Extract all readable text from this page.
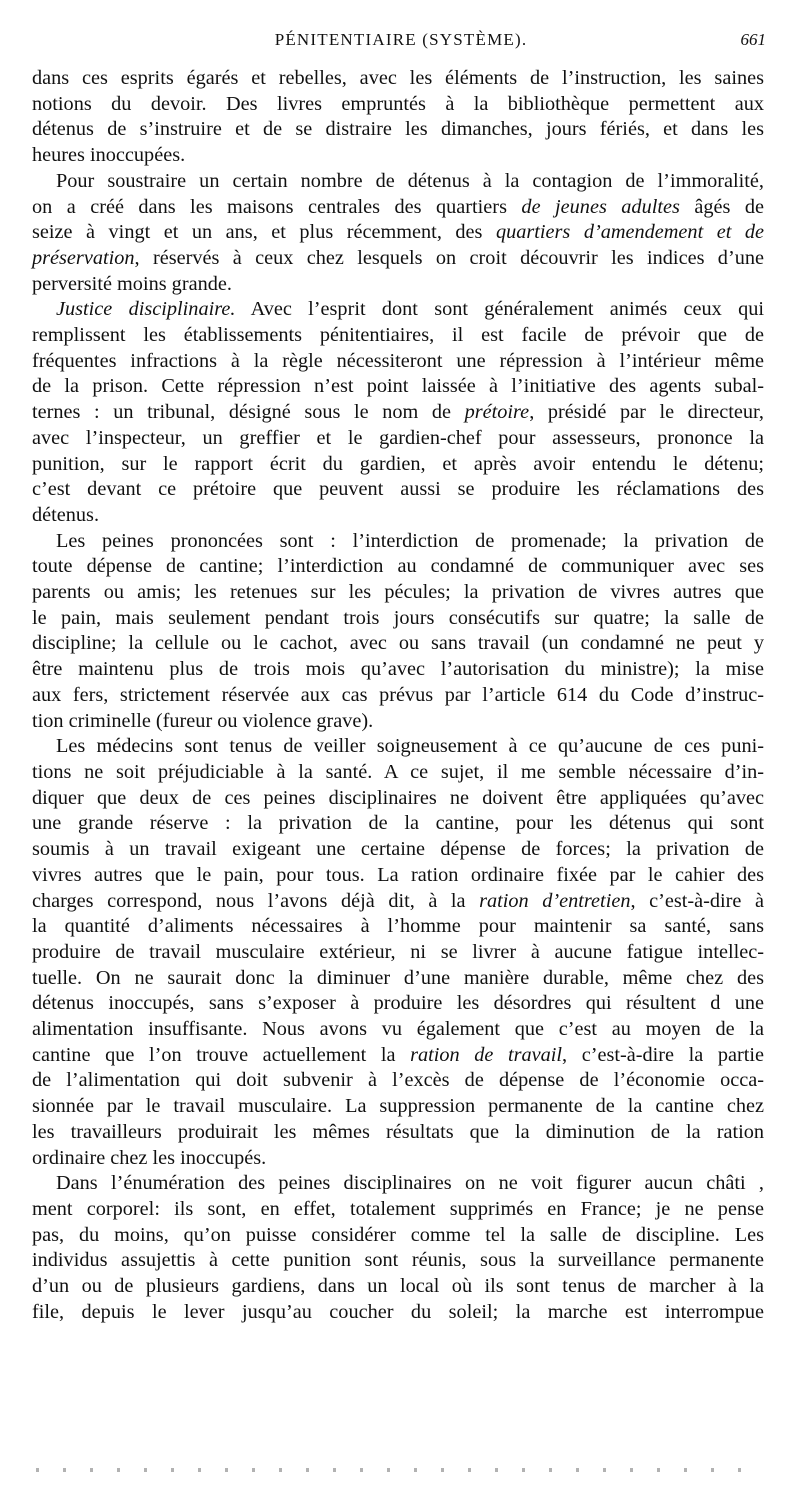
PÉNITENTIAIRE (SYSTÈME).	661

dans ces esprits égarés et rebelles, avec les éléments de l’instruction, les saines

notions du devoir. Des livres empruntés à la bibliothèque permettent aux

détenus de s’instruire et de se distraire les dimanches, jours fériés, et dans les

heures inoccupées.

Pour soustraire un certain nombre de détenus à la contagion de l’immoralité,

on a créé dans les maisons centrales des quartiers de jeunes adultes âgés de

seize à vingt et un ans, et plus récemment, des quartiers d’amendement et de

préservation, réservés à ceux chez lesquels on croit découvrir les indices d’une

perversité moins grande.

Justice disciplinaire. Avec l’esprit dont sont généralement animés ceux qui

remplissent les établissements pénitentiaires, il est facile de prévoir que de

fréquentes infractions à la règle nécessiteront une répression à l’intérieur même

de la prison. Cette répression n’est point laissée à l’initiative des agents subal-

ternes : un tribunal, désigné sous le nom de prétoire, présidé par le directeur,

avec l’inspecteur, un greffier et le gardien-chef pour assesseurs, prononce la

punition, sur le rapport écrit du gardien, et après avoir entendu le détenu;

c’est devant ce prétoire que peuvent aussi se produire les réclamations des

détenus.

Les peines prononcées sont : l’interdiction de promenade; la privation de

toute dépense de cantine; l’interdiction au condamné de communiquer avec ses

parents ou amis; les retenues sur les pécules; la privation de vivres autres que

le pain, mais seulement pendant trois jours consécutifs sur quatre; la salle de

discipline; la cellule ou le cachot, avec ou sans travail (un condamné ne peut y

être maintenu plus de trois mois qu’avec l’autorisation du ministre); la mise

aux fers, strictement réservée aux cas prévus par l’article 614 du Code d’instruc-

tion criminelle (fureur ou violence grave).

Les médecins sont tenus de veiller soigneusement à ce qu’aucune de ces puni-

tions ne soit préjudiciable à la santé. A ce sujet, il me semble nécessaire d’in-

diquer que deux de ces peines disciplinaires ne doivent être appliquées qu’avec

une grande réserve : la privation de la cantine, pour les détenus qui sont

soumis à un travail exigeant une certaine dépense de forces; la privation de

vivres autres que le pain, pour tous. La ration ordinaire fixée par le cahier des

charges correspond, nous l’avons déjà dit, à la ration d’entretien, c’est-à-dire à

la quantité d’aliments nécessaires à l’homme pour maintenir sa santé, sans

produire de travail musculaire extérieur, ni se livrer à aucune fatigue intellec-

tuelle. On ne saurait donc la diminuer d’une manière durable, même chez des

détenus inoccupés, sans s’exposer à produire les désordres qui résultent d une

alimentation insuffisante. Nous avons vu également que c’est au moyen de la

cantine que l’on trouve actuellement la ration de travail, c’est-à-dire la partie

de l’alimentation qui doit subvenir à l’excès de dépense de l’économie occa-

sionnée par le travail musculaire. La suppression permanente de la cantine chez

les travailleurs produirait les mêmes résultats que la diminution de la ration

ordinaire chez les inoccupés.

Dans l’énumération des peines disciplinaires on ne voit figurer aucun châti ,

ment corporel: ils sont, en effet, totalement supprimés en France; je ne pense

pas, du moins, qu’on puisse considérer comme tel la salle de discipline. Les

individus assujettis à cette punition sont réunis, sous la surveillance permanente

d’un ou de plusieurs gardiens, dans un local où ils sont tenus de marcher à la

file, depuis le lever jusqu’au coucher du soleil; la marche est interrompue
